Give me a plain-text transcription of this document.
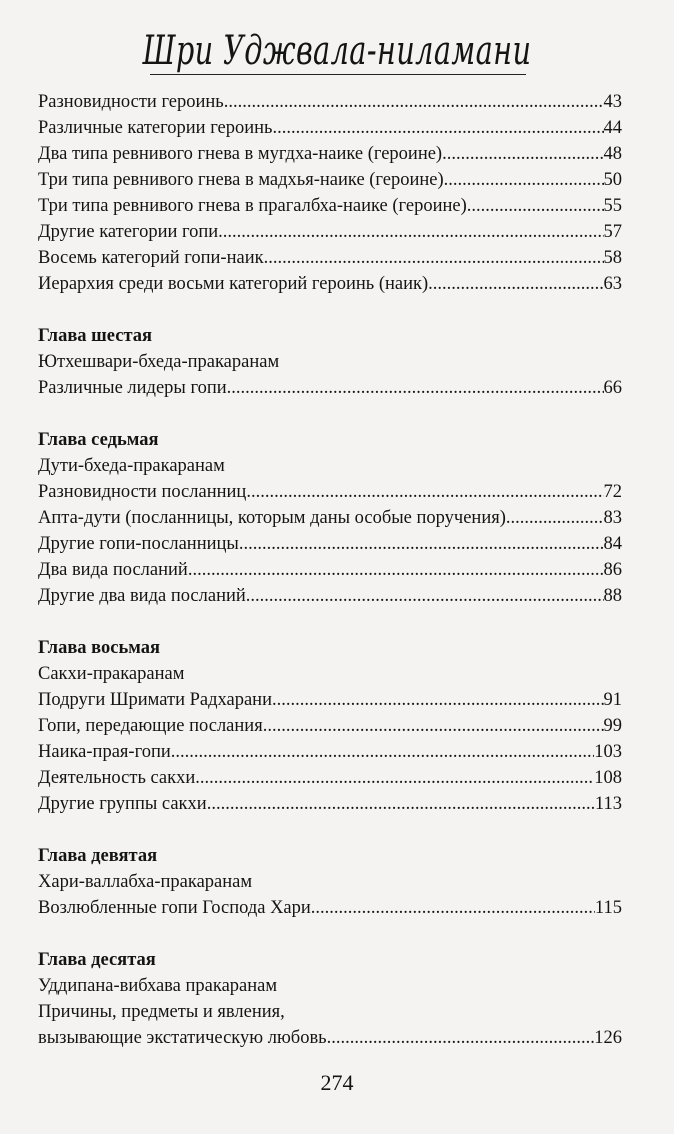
Шри Уджвала-ниламани
Разновидности героинь .....	43
Различные категории героинь .....	44
Два типа ревнивого гнева в мугдха-наике (героине) .....	48
Три типа ревнивого гнева в мадхья-наике (героине) .....	50
Три типа ревнивого гнева в прагалбха-наике (героине) .....	55
Другие категории гопи .....	57
Восемь категорий гопи-наик .....	58
Иерархия среди восьми категорий героинь (наик) .....	63
Глава шестая
Ютхешвари-бхеда-пракаранам
Различные лидеры гопи .....	66
Глава седьмая
Дути-бхеда-пракаранам
Разновидности посланниц .....	72
Апта-дути (посланницы, которым даны особые поручения) .....	83
Другие гопи-посланницы .....	84
Два вида посланий .....	86
Другие два вида посланий .....	88
Глава восьмая
Сакхи-пракаранам
Подруги Шримати Радхарани .....	91
Гопи, передающие послания .....	99
Наика-прая-гопи .....	103
Деятельность сакхи .....	108
Другие группы сакхи .....	113
Глава девятая
Хари-валлабха-пракаранам
Возлюбленные гопи Господа Хари .....	115
Глава десятая
Уддипана-вибхава пракаранам
Причины, предметы и явления,
вызывающие экстатическую любовь .....	126
274
